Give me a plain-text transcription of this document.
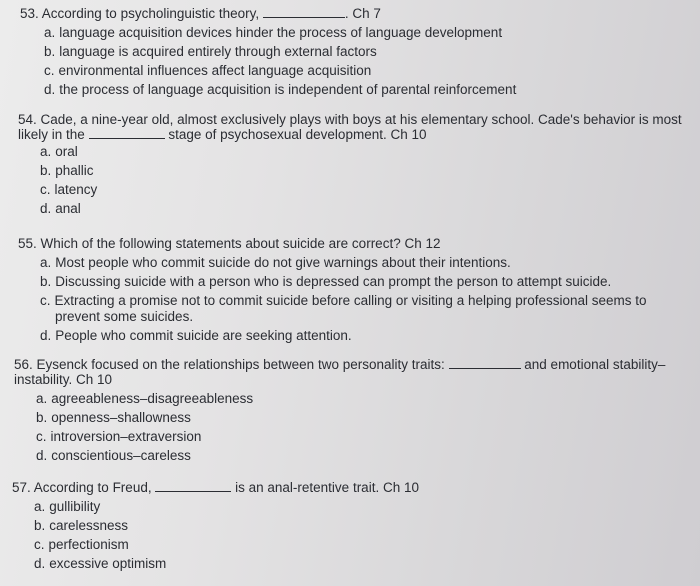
53. According to psycholinguistic theory,	. Ch 7
a. language acquisition devices hinder the process of language development
b. language is acquired entirely through external factors
c. environmental influences affect language acquisition
d. the process of language acquisition is independent of parental reinforcement
54. Cade, a nine-year old, almost exclusively plays with boys at his elementary school. Cade's behavior is most
likely in the	stage of psychosexual development. Ch 10
a. oral
b. phallic
c. latency
d. anal
55. Which of the following statements about suicide are correct? Ch 12
a. Most people who commit suicide do not give warnings about their intentions.
b. Discussing suicide with a person who is depressed can prompt the person to attempt suicide.
c. Extracting a promise not to commit suicide before calling or visiting a helping professional seems to
prevent some suicides.
d. People who commit suicide are seeking attention.
56. Eysenck focused on the relationships between two personality traits:	and emotional stability–
instability. Ch 10
a. agreeableness–disagreeableness
b. openness–shallowness
c. introversion–extraversion
d. conscientious–careless
57. According to Freud,	is an anal-retentive trait. Ch 10
a. gullibility
b. carelessness
c. perfectionism
d. excessive optimism
